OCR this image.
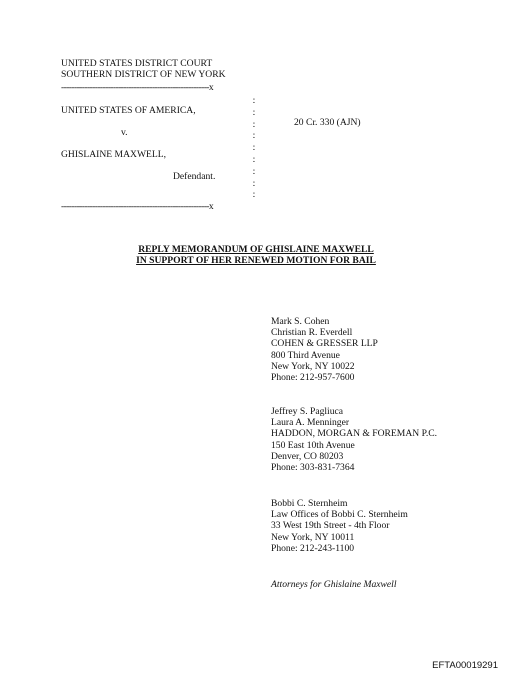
UNITED STATES DISTRICT COURT
SOUTHERN DISTRICT OF NEW YORK
---------------------------------------------------------x
UNITED STATES OF AMERICA,
v.
GHISLAINE MAXWELL,
Defendant.
:
:
:
:
:
:
:
:
:
20 Cr. 330 (AJN)
---------------------------------------------------------x
REPLY MEMORANDUM OF GHISLAINE MAXWELL
IN SUPPORT OF HER RENEWED MOTION FOR BAIL
Mark S. Cohen
Christian R. Everdell
COHEN & GRESSER LLP
800 Third Avenue
New York, NY 10022
Phone: 212-957-7600
Jeffrey S. Pagliuca
Laura A. Menninger
HADDON, MORGAN & FOREMAN P.C.
150 East 10th Avenue
Denver, CO 80203
Phone: 303-831-7364
Bobbi C. Sternheim
Law Offices of Bobbi C. Sternheim
33 West 19th Street - 4th Floor
New York, NY 10011
Phone: 212-243-1100
Attorneys for Ghislaine Maxwell
EFTA00019291
